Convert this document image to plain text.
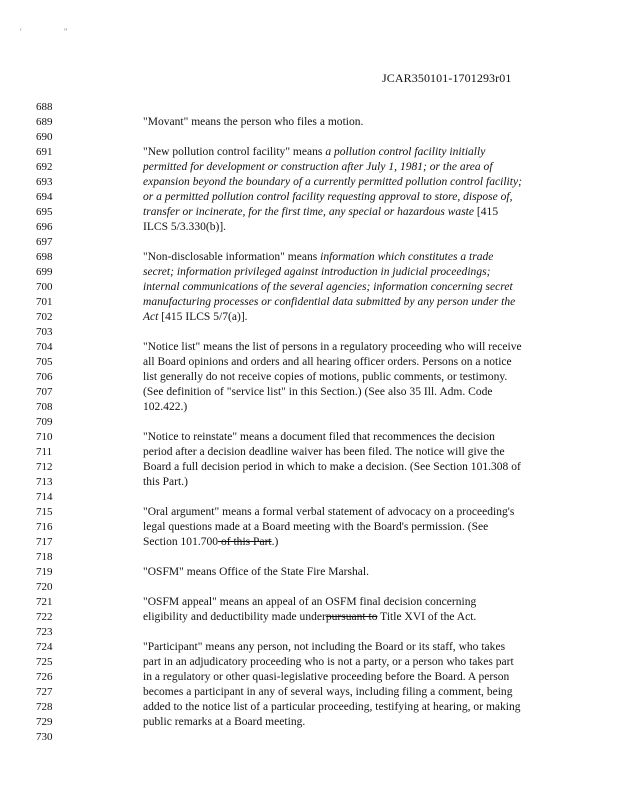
' "
JCAR350101-1701293r01
688
689
690
691
692
693
694
695
696
697
698
699
700
701
702
703
704
705
706
707
708
709
710
711
712
713
714
715
716
717
718
719
720
721
722
723
724
725
726
727
728
729
730
"Movant" means the person who files a motion.
"New pollution control facility" means a pollution control facility initially
permitted for development or construction after July 1, 1981; or the area of
expansion beyond the boundary of a currently permitted pollution control facility;
or a permitted pollution control facility requesting approval to store, dispose of,
transfer or incinerate, for the first time, any special or hazardous waste [415
ILCS 5/3.330(b)].
"Non-disclosable information" means information which constitutes a trade
secret; information privileged against introduction in judicial proceedings;
internal communications of the several agencies; information concerning secret
manufacturing processes or confidential data submitted by any person under the
Act [415 ILCS 5/7(a)].
"Notice list" means the list of persons in a regulatory proceeding who will receive
all Board opinions and orders and all hearing officer orders. Persons on a notice
list generally do not receive copies of motions, public comments, or testimony.
(See definition of "service list" in this Section.) (See also 35 Ill. Adm. Code
102.422.)
"Notice to reinstate" means a document filed that recommences the decision
period after a decision deadline waiver has been filed. The notice will give the
Board a full decision period in which to make a decision. (See Section 101.308 of
this Part.)
"Oral argument" means a formal verbal statement of advocacy on a proceeding's
legal questions made at a Board meeting with the Board's permission. (See
Section 101.700 of this Part.)
"OSFM" means Office of the State Fire Marshal.
"OSFM appeal" means an appeal of an OSFM final decision concerning
eligibility and deductibility made underpursuant to Title XVI of the Act.
"Participant" means any person, not including the Board or its staff, who takes
part in an adjudicatory proceeding who is not a party, or a person who takes part
in a regulatory or other quasi-legislative proceeding before the Board. A person
becomes a participant in any of several ways, including filing a comment, being
added to the notice list of a particular proceeding, testifying at hearing, or making
public remarks at a Board meeting.
